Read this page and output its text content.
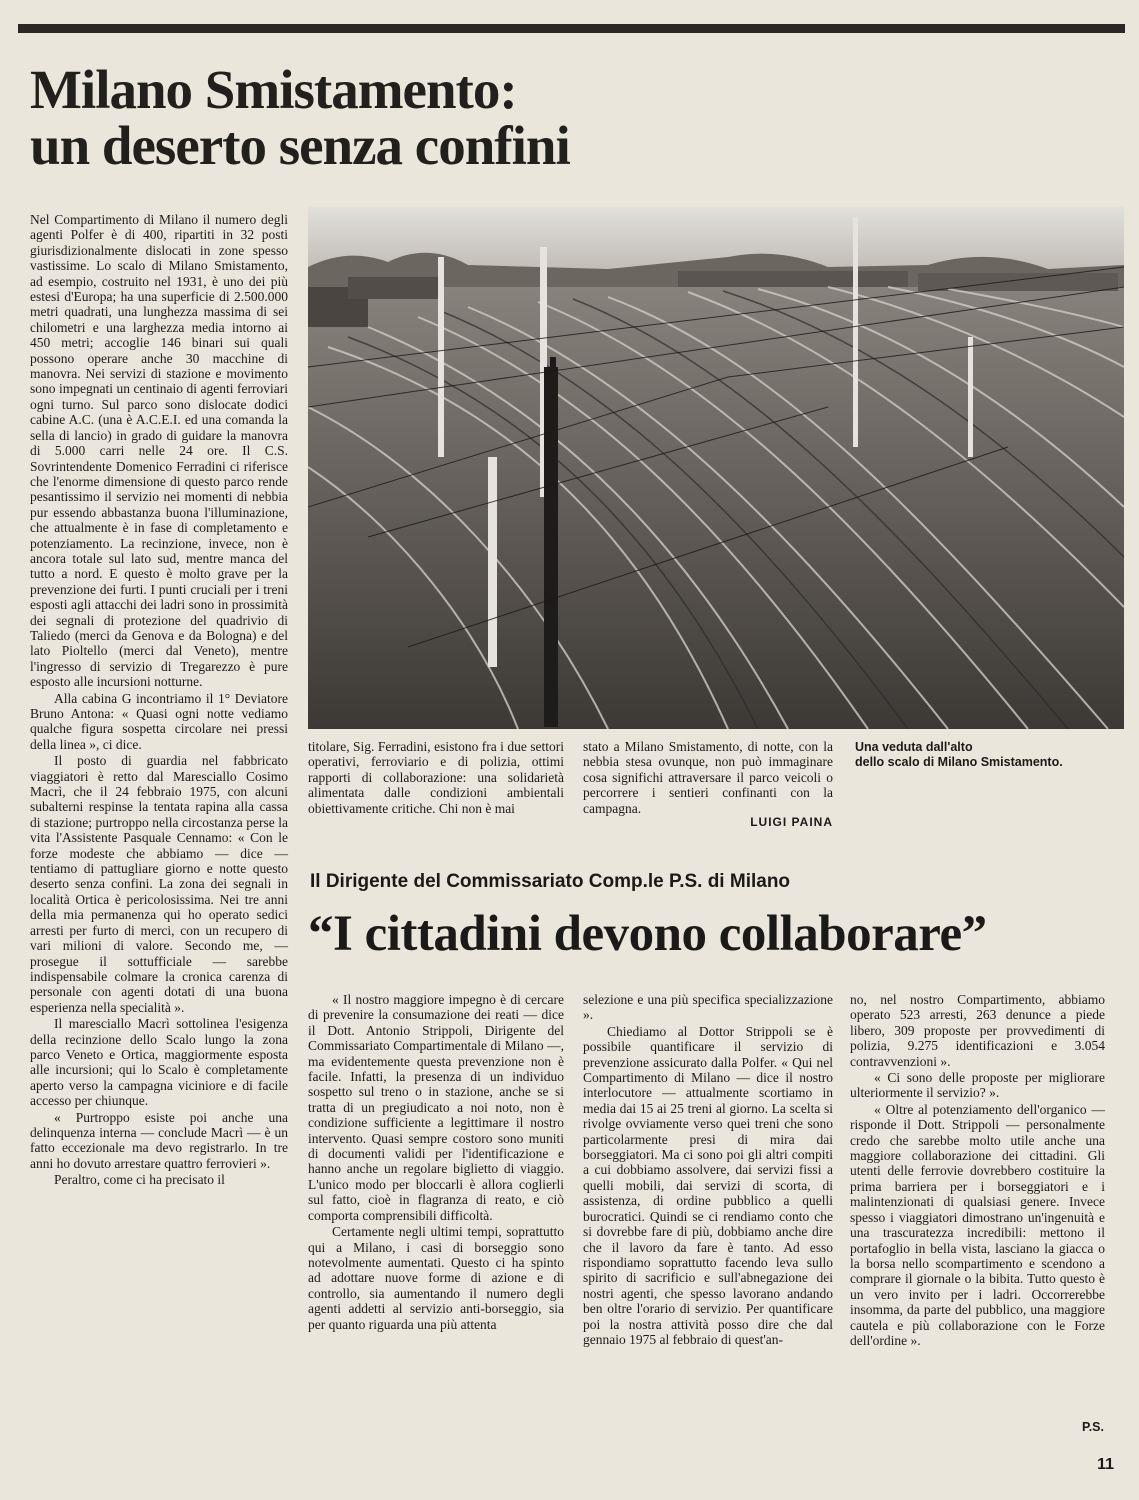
Milano Smistamento:
un deserto senza confini

Nel Compartimento di Milano il numero degli agenti Polfer è di 400, ripartiti in 32 posti giurisdizionalmente dislocati in zone spesso vastissime. Lo scalo di Milano Smistamento, ad esempio, costruito nel 1931, è uno dei più estesi d'Europa; ha una superficie di 2.500.000 metri quadrati, una lunghezza massima di sei chilometri e una larghezza media intorno ai 450 metri; accoglie 146 binari sui quali possono operare anche 30 macchine di manovra. Nei servizi di stazione e movimento sono impegnati un centinaio di agenti ferroviari ogni turno. Sul parco sono dislocate dodici cabine A.C. (una è A.C.E.I. ed una comanda la sella di lancio) in grado di guidare la manovra di 5.000 carri nelle 24 ore. Il C.S. Sovrintendente Domenico Ferradini ci riferisce che l'enorme dimensione di questo parco rende pesantissimo il servizio nei momenti di nebbia pur essendo abbastanza buona l'illuminazione, che attualmente è in fase di completamento e potenziamento. La recinzione, invece, non è ancora totale sul lato sud, mentre manca del tutto a nord. E questo è molto grave per la prevenzione dei furti. I punti cruciali per i treni esposti agli attacchi dei ladri sono in prossimità dei segnali di protezione del quadrivio di Taliedo (merci da Genova e da Bologna) e del lato Pioltello (merci dal Veneto), mentre l'ingresso di servizio di Tregarezzo è pure esposto alle incursioni notturne.

Alla cabina G incontriamo il 1° Deviatore Bruno Antona: « Quasi ogni notte vediamo qualche figura sospetta circolare nei pressi della linea », ci dice.

Il posto di guardia nel fabbricato viaggiatori è retto dal Maresciallo Cosimo Macrì, che il 24 febbraio 1975, con alcuni subalterni respinse la tentata rapina alla cassa di stazione; purtroppo nella circostanza perse la vita l'Assistente Pasquale Cennamo: « Con le forze modeste che abbiamo — dice — tentiamo di pattugliare giorno e notte questo deserto senza confini. La zona dei segnali in località Ortica è pericolosissima. Nei tre anni della mia permanenza qui ho operato sedici arresti per furto di merci, con un recupero di vari milioni di valore. Secondo me, — prosegue il sottufficiale — sarebbe indispensabile colmare la cronica carenza di personale con agenti dotati di una buona esperienza nella specialità ».

Il maresciallo Macrì sottolinea l'esigenza della recinzione dello Scalo lungo la zona parco Veneto e Ortica, maggiormente esposta alle incursioni; qui lo Scalo è completamente aperto verso la campagna viciniore e di facile accesso per chiunque.

« Purtroppo esiste poi anche una delinquenza interna — conclude Macrì — è un fatto eccezionale ma devo registrarlo. In tre anni ho dovuto arrestare quattro ferrovieri ».

Peraltro, come ci ha precisato il

titolare, Sig. Ferradini, esistono fra i due settori operativi, ferroviario e di polizia, ottimi rapporti di collaborazione: una solidarietà alimentata dalle condizioni ambientali obiettivamente critiche. Chi non è mai

stato a Milano Smistamento, di notte, con la nebbia stesa ovunque, non può immaginare cosa significhi attraversare il parco veicoli o percorrere i sentieri confinanti con la campagna.

LUIGI PAINA
Una veduta dall'alto
dello scalo di Milano Smistamento.
Il Dirigente del Commissariato Comp.le P.S. di Milano
“I cittadini devono collaborare”

« Il nostro maggiore impegno è di cercare di prevenire la consumazione dei reati — dice il Dott. Antonio Strippoli, Dirigente del Commissariato Compartimentale di Milano —, ma evidentemente questa prevenzione non è facile. Infatti, la presenza di un individuo sospetto sul treno o in stazione, anche se si tratta di un pregiudicato a noi noto, non è condizione sufficiente a legittimare il nostro intervento. Quasi sempre costoro sono muniti di documenti validi per l'identificazione e hanno anche un regolare biglietto di viaggio. L'unico modo per bloccarli è allora coglierli sul fatto, cioè in flagranza di reato, e ciò comporta comprensibili difficoltà.

Certamente negli ultimi tempi, soprattutto qui a Milano, i casi di borseggio sono notevolmente aumentati. Questo ci ha spinto ad adottare nuove forme di azione e di controllo, sia aumentando il numero degli agenti addetti al servizio anti-borseggio, sia per quanto riguarda una più attenta

selezione e una più specifica specializzazione ».

Chiediamo al Dottor Strippoli se è possibile quantificare il servizio di prevenzione assicurato dalla Polfer. « Qui nel Compartimento di Milano — dice il nostro interlocutore — attualmente scortiamo in media dai 15 ai 25 treni al giorno. La scelta si rivolge ovviamente verso quei treni che sono particolarmente presi di mira dai borseggiatori. Ma ci sono poi gli altri compiti a cui dobbiamo assolvere, dai servizi fissi a quelli mobili, dai servizi di scorta, di assistenza, di ordine pubblico a quelli burocratici. Quindi se ci rendiamo conto che si dovrebbe fare di più, dobbiamo anche dire che il lavoro da fare è tanto. Ad esso rispondiamo soprattutto facendo leva sullo spirito di sacrificio e sull'abnegazione dei nostri agenti, che spesso lavorano andando ben oltre l'orario di servizio. Per quantificare poi la nostra attività posso dire che dal gennaio 1975 al febbraio di quest'an-

no, nel nostro Compartimento, abbiamo operato 523 arresti, 263 denunce a piede libero, 309 proposte per provvedimenti di polizia, 9.275 identificazioni e 3.054 contravvenzioni ».

« Ci sono delle proposte per migliorare ulteriormente il servizio? ».

« Oltre al potenziamento dell'organico — risponde il Dott. Strippoli — personalmente credo che sarebbe molto utile anche una maggiore collaborazione dei cittadini. Gli utenti delle ferrovie dovrebbero costituire la prima barriera per i borseggiatori e i malintenzionati di qualsiasi genere. Invece spesso i viaggiatori dimostrano un'ingenuità e una trascuratezza incredibili: mettono il portafoglio in bella vista, lasciano la giacca o la borsa nello scompartimento e scendono a comprare il giornale o la bibita. Tutto questo è un vero invito per i ladri. Occorrerebbe insomma, da parte del pubblico, una maggiore cautela e più collaborazione con le Forze dell'ordine ».

P.S.
11
